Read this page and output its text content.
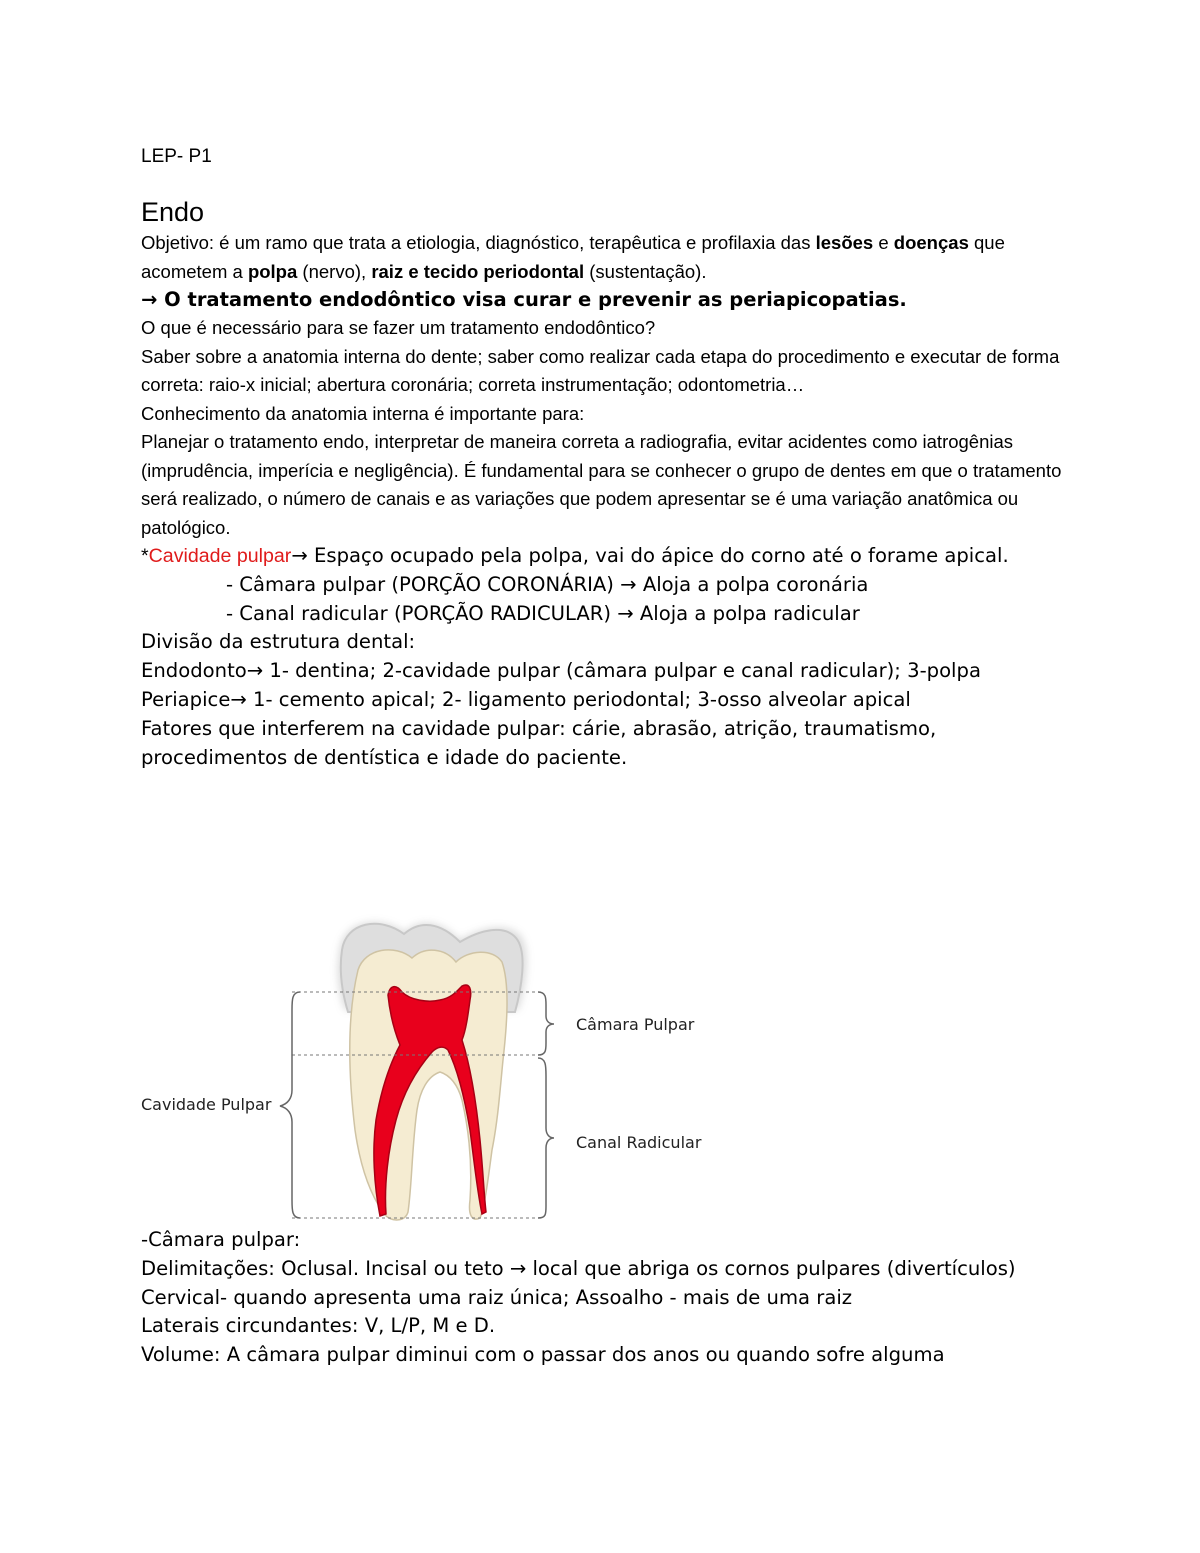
LEP- P1

Endo

Objetivo: é um ramo que trata a etiologia, diagnóstico, terapêutica e profilaxia das lesões e doenças que acometem a polpa (nervo), raiz e tecido periodontal (sustentação).

→ O tratamento endodôntico visa curar e prevenir as periapicopatias.

O que é necessário para se fazer um tratamento endodôntico?

Saber sobre a anatomia interna do dente; saber como realizar cada etapa do procedimento e executar de forma correta: raio-x inicial; abertura coronária; correta instrumentação; odontometria…

Conhecimento da anatomia interna é importante para:

Planejar o tratamento endo, interpretar de maneira correta a radiografia, evitar acidentes como iatrogênias (imprudência, imperícia e negligência). É fundamental para se conhecer o grupo de dentes em que o tratamento será realizado, o número de canais e as variações que podem apresentar se é uma variação anatômica ou patológico.

*Cavidade pulpar→ Espaço ocupado pela polpa, vai do ápice do corno até o forame apical.

- Câmara pulpar (PORÇÃO CORONÁRIA) → Aloja a polpa coronária

- Canal radicular (PORÇÃO RADICULAR) → Aloja a polpa radicular

Divisão da estrutura dental:

Endodonto→ 1- dentina; 2-cavidade pulpar (câmara pulpar e canal radicular); 3-polpa

Periapice→ 1- cemento apical; 2- ligamento periodontal; 3-osso alveolar apical

Fatores que interferem na cavidade pulpar: cárie, abrasão, atrição, traumatismo, procedimentos de dentística e idade do paciente.

Cavidade Pulpar
Câmara Pulpar
Canal Radicular

-Câmara pulpar:

Delimitações: Oclusal. Incisal ou teto → local que abriga os cornos pulpares (divertículos)

Cervical- quando apresenta uma raiz única; Assoalho - mais de uma raiz

Laterais circundantes: V, L/P, M e D.

Volume: A câmara pulpar diminui com o passar dos anos ou quando sofre alguma
